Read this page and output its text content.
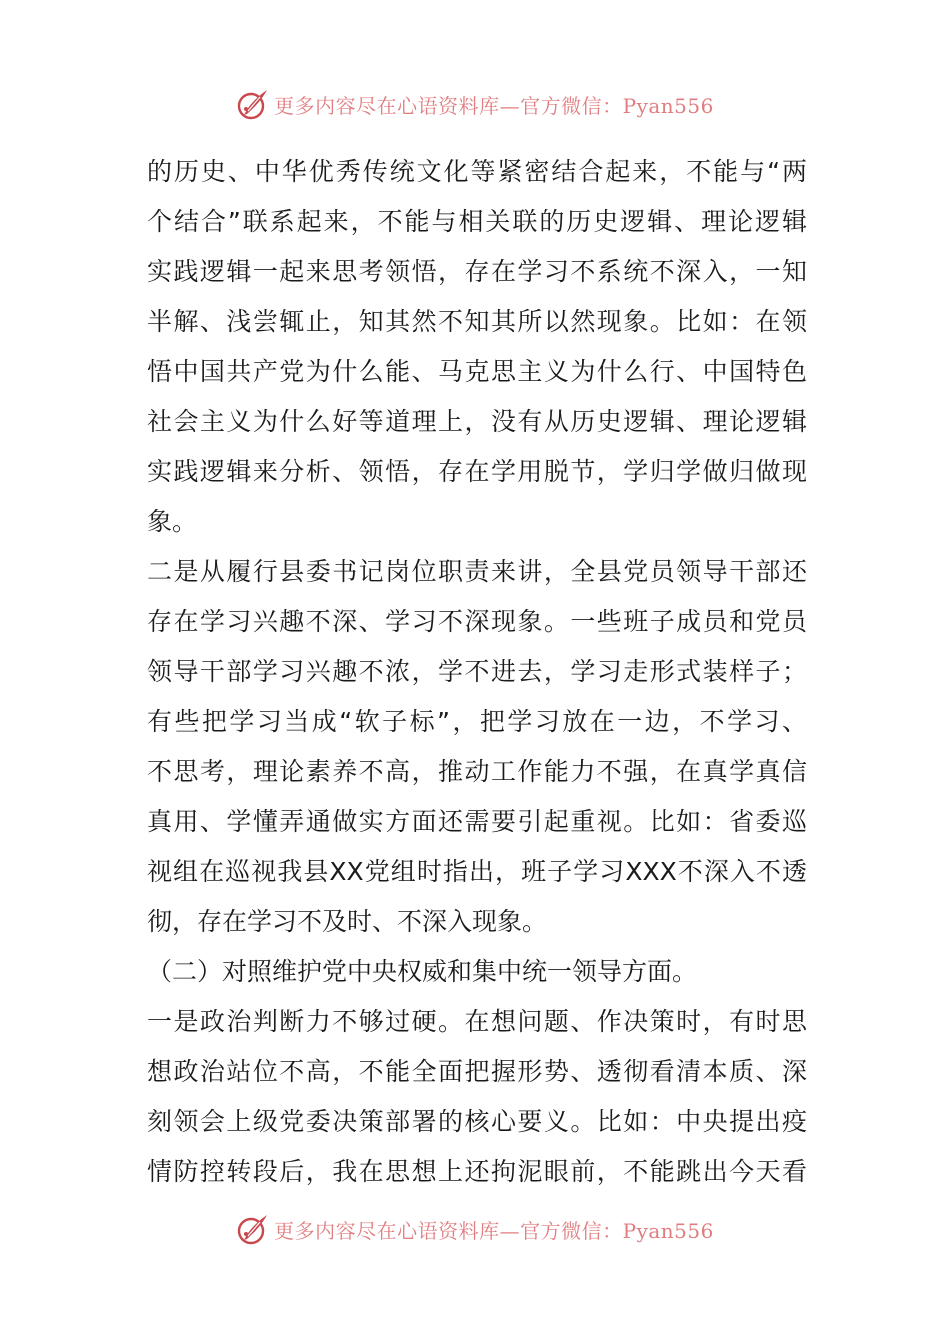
更多内容尽在心语资料库—官方微信：Pyan556
的历史、中华优秀传统文化等紧密结合起来，不能与“两
个结合”联系起来，不能与相关联的历史逻辑、理论逻辑
实践逻辑一起来思考领悟，存在学习不系统不深入，一知
半解、浅尝辄止，知其然不知其所以然现象。比如：在领
悟中国共产党为什么能、马克思主义为什么行、中国特色
社会主义为什么好等道理上，没有从历史逻辑、理论逻辑
实践逻辑来分析、领悟，存在学用脱节，学归学做归做现
象。
二是从履行县委书记岗位职责来讲，全县党员领导干部还
存在学习兴趣不深、学习不深现象。一些班子成员和党员
领导干部学习兴趣不浓，学不进去，学习走形式装样子；
有些把学习当成“软子标”，把学习放在一边，不学习、
不思考，理论素养不高，推动工作能力不强，在真学真信
真用、学懂弄通做实方面还需要引起重视。比如：省委巡
视组在巡视我县XX党组时指出，班子学习XXX不深入不透
彻，存在学习不及时、不深入现象。
（二）对照维护党中央权威和集中统一领导方面。
一是政治判断力不够过硬。在想问题、作决策时，有时思
想政治站位不高，不能全面把握形势、透彻看清本质、深
刻领会上级党委决策部署的核心要义。比如：中央提出疫
情防控转段后，我在思想上还拘泥眼前，不能跳出今天看
更多内容尽在心语资料库—官方微信：Pyan556
